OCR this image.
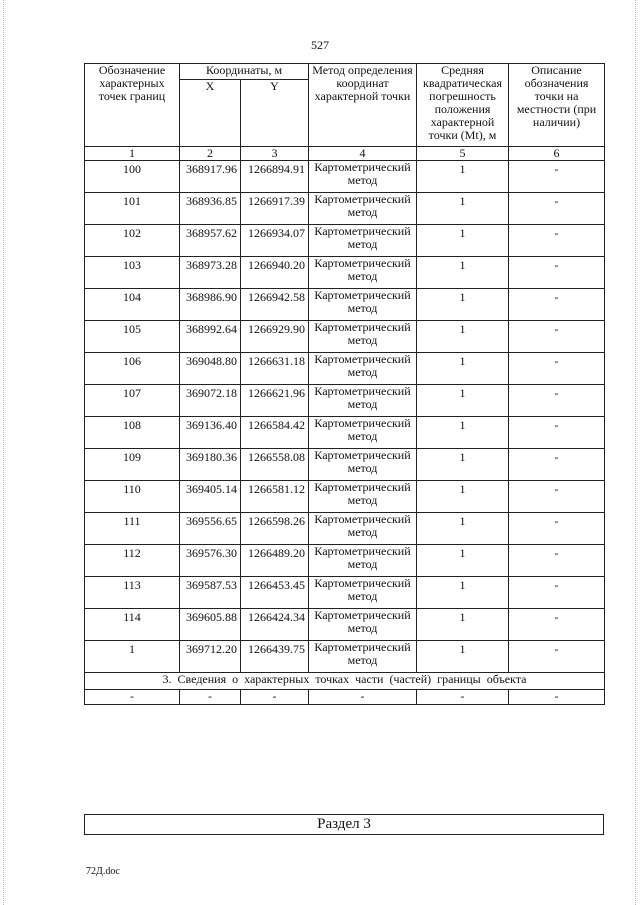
527
Обозначение характерных точек границ	Координаты, м		Метод определения координат характерной точки	Средняя квадратическая погрешность положения характерной точки (Mt), м	Описание обозначения точки на местности (при наличии)
	X	Y			
1	2	3	4	5	6
100	368917.96	1266894.91	Картометрический метод	1	-
101	368936.85	1266917.39	Картометрический метод	1	-
102	368957.62	1266934.07	Картометрический метод	1	-
103	368973.28	1266940.20	Картометрический метод	1	-
104	368986.90	1266942.58	Картометрический метод	1	-
105	368992.64	1266929.90	Картометрический метод	1	-
106	369048.80	1266631.18	Картометрический метод	1	-
107	369072.18	1266621.96	Картометрический метод	1	-
108	369136.40	1266584.42	Картометрический метод	1	-
109	369180.36	1266558.08	Картометрический метод	1	-
110	369405.14	1266581.12	Картометрический метод	1	-
111	369556.65	1266598.26	Картометрический метод	1	-
112	369576.30	1266489.20	Картометрический метод	1	-
113	369587.53	1266453.45	Картометрический метод	1	-
114	369605.88	1266424.34	Картометрический метод	1	-
1	369712.20	1266439.75	Картометрический метод	1	-
3. Сведения о характерных точках части (частей) границы объекта					
-	-	-	-	-	-
Раздел 3
72Д.doc
